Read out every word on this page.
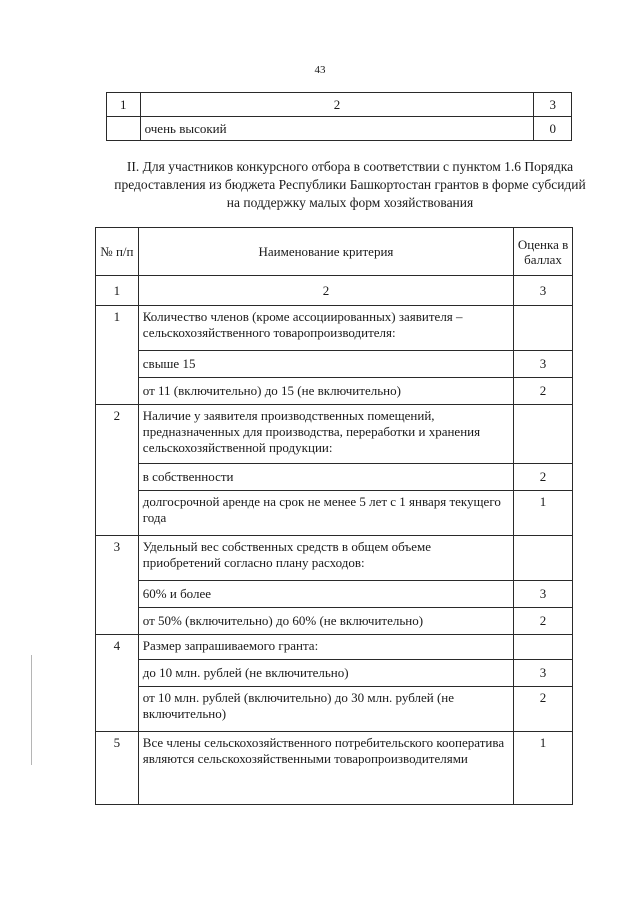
43
1	2	3
	очень высокий	0
II. Для участников конкурсного отбора в соответствии с пунктом 1.6 Порядка предоставления из бюджета Республики Башкортостан грантов в форме субсидий на поддержку малых форм хозяйствования
№ п/п	Наименование критерия	Оценка в баллах
1	2	3
1	Количество членов (кроме ассоциированных) заявителя – сельскохозяйственного товаропроизводителя:	
	свыше 15	3
	от 11 (включительно) до 15 (не включительно)	2
2	Наличие у заявителя производственных помещений, предназначенных для производства, переработки и хранения сельскохозяйственной продукции:	
	в собственности	2
	долгосрочной аренде на срок не менее 5 лет с 1 января текущего года	1
3	Удельный вес собственных средств в общем объеме приобретений согласно плану расходов:	
	60% и более	3
	от 50% (включительно) до 60% (не включительно)	2
4	Размер запрашиваемого гранта:	
	до 10 млн. рублей (не включительно)	3
	от 10 млн. рублей (включительно) до 30 млн. рублей (не включительно)	2
5	Все члены сельскохозяйственного потребительского кооператива являются сельскохозяйственными товаропроизводителями	1
